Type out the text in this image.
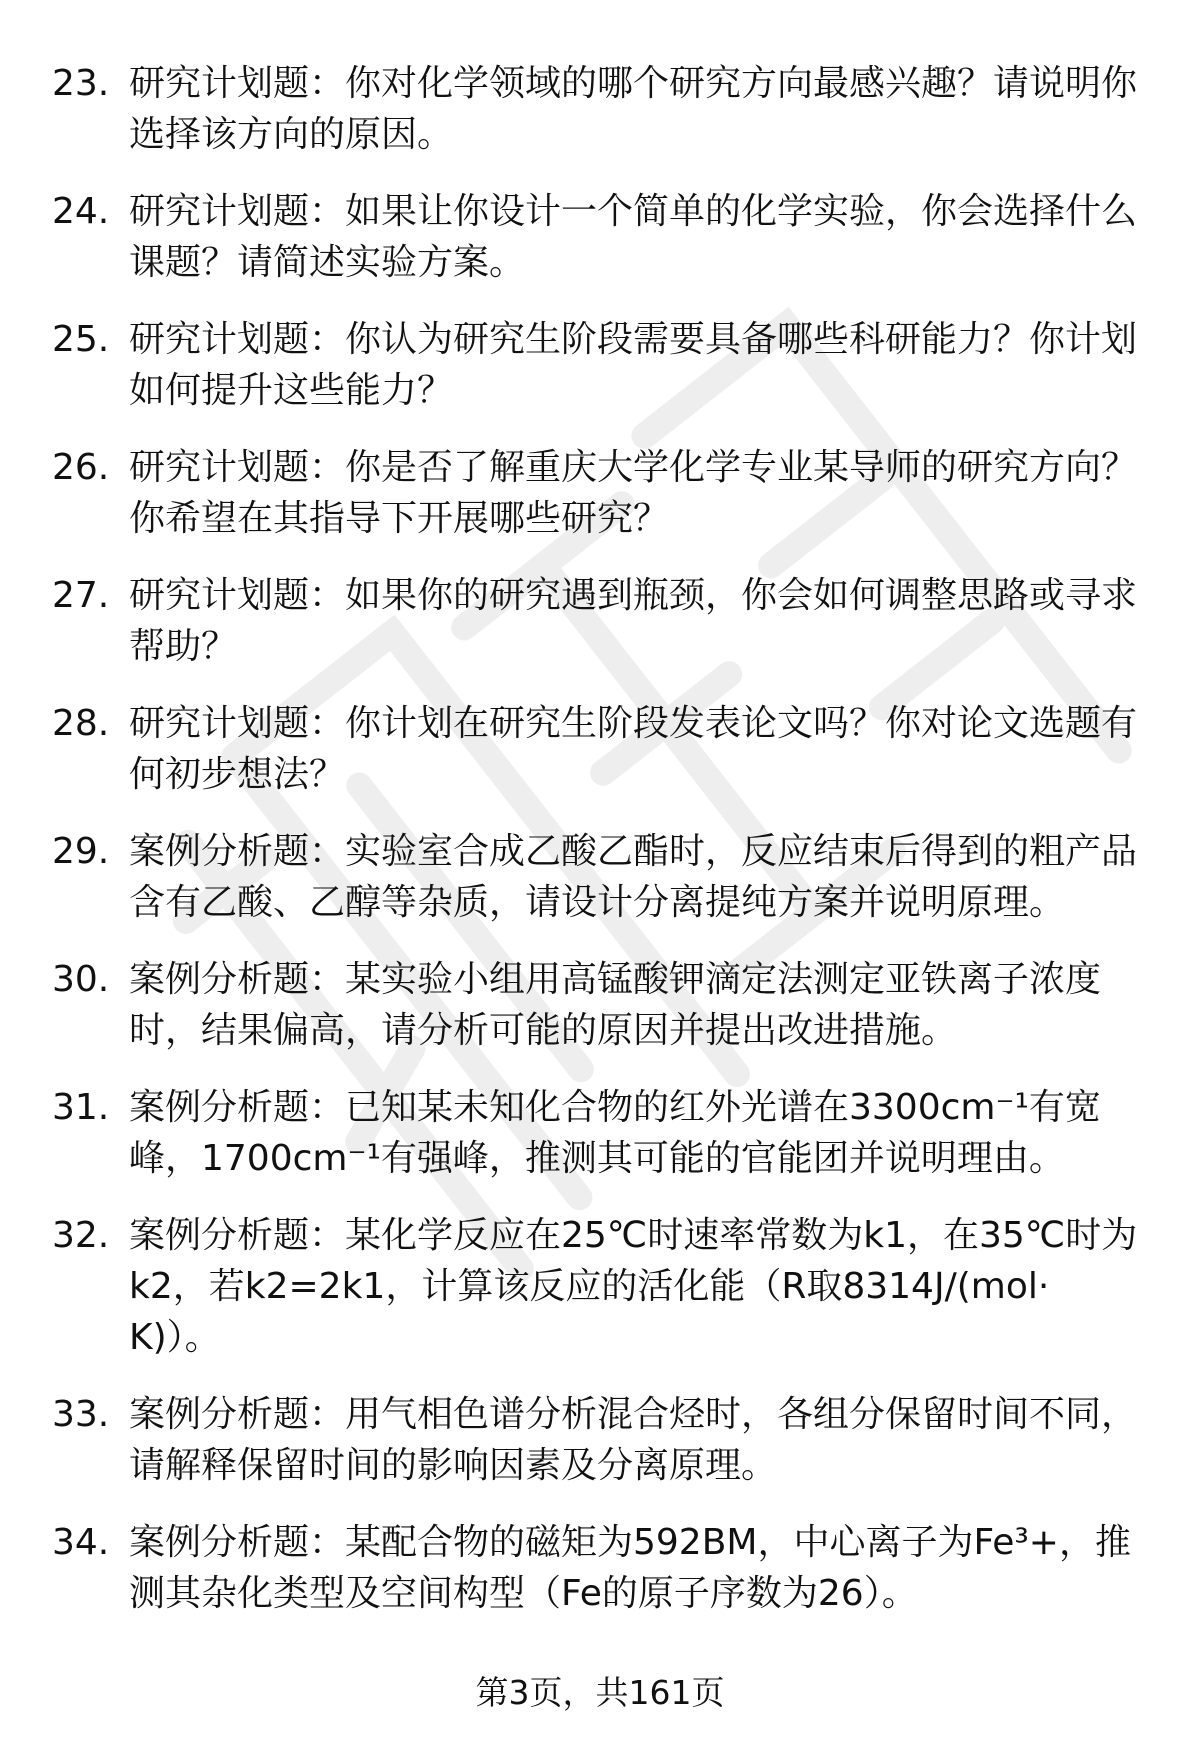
23. 研究计划题：你对化学领域的哪个研究方向最感兴趣？请说明你选择该方向的原因。
24. 研究计划题：如果让你设计一个简单的化学实验，你会选择什么课题？请简述实验方案。
25. 研究计划题：你认为研究生阶段需要具备哪些科研能力？你计划如何提升这些能力？
26. 研究计划题：你是否了解重庆大学化学专业某导师的研究方向？你希望在其指导下开展哪些研究？
27. 研究计划题：如果你的研究遇到瓶颈，你会如何调整思路或寻求帮助？
28. 研究计划题：你计划在研究生阶段发表论文吗？你对论文选题有何初步想法？
29. 案例分析题：实验室合成乙酸乙酯时，反应结束后得到的粗产品含有乙酸、乙醇等杂质，请设计分离提纯方案并说明原理。
30. 案例分析题：某实验小组用高锰酸钾滴定法测定亚铁离子浓度时，结果偏高，请分析可能的原因并提出改进措施。
31. 案例分析题：已知某未知化合物的红外光谱在3300cm⁻¹有宽峰，1700cm⁻¹有强峰，推测其可能的官能团并说明理由。
32. 案例分析题：某化学反应在25℃时速率常数为k1，在35℃时为k2，若k2=2k1，计算该反应的活化能（R取8314J/(mol·K)）。
33. 案例分析题：用气相色谱分析混合烃时，各组分保留时间不同，请解释保留时间的影响因素及分离原理。
34. 案例分析题：某配合物的磁矩为592BM，中心离子为Fe³+，推测其杂化类型及空间构型（Fe的原子序数为26）。
第3页，共161页
